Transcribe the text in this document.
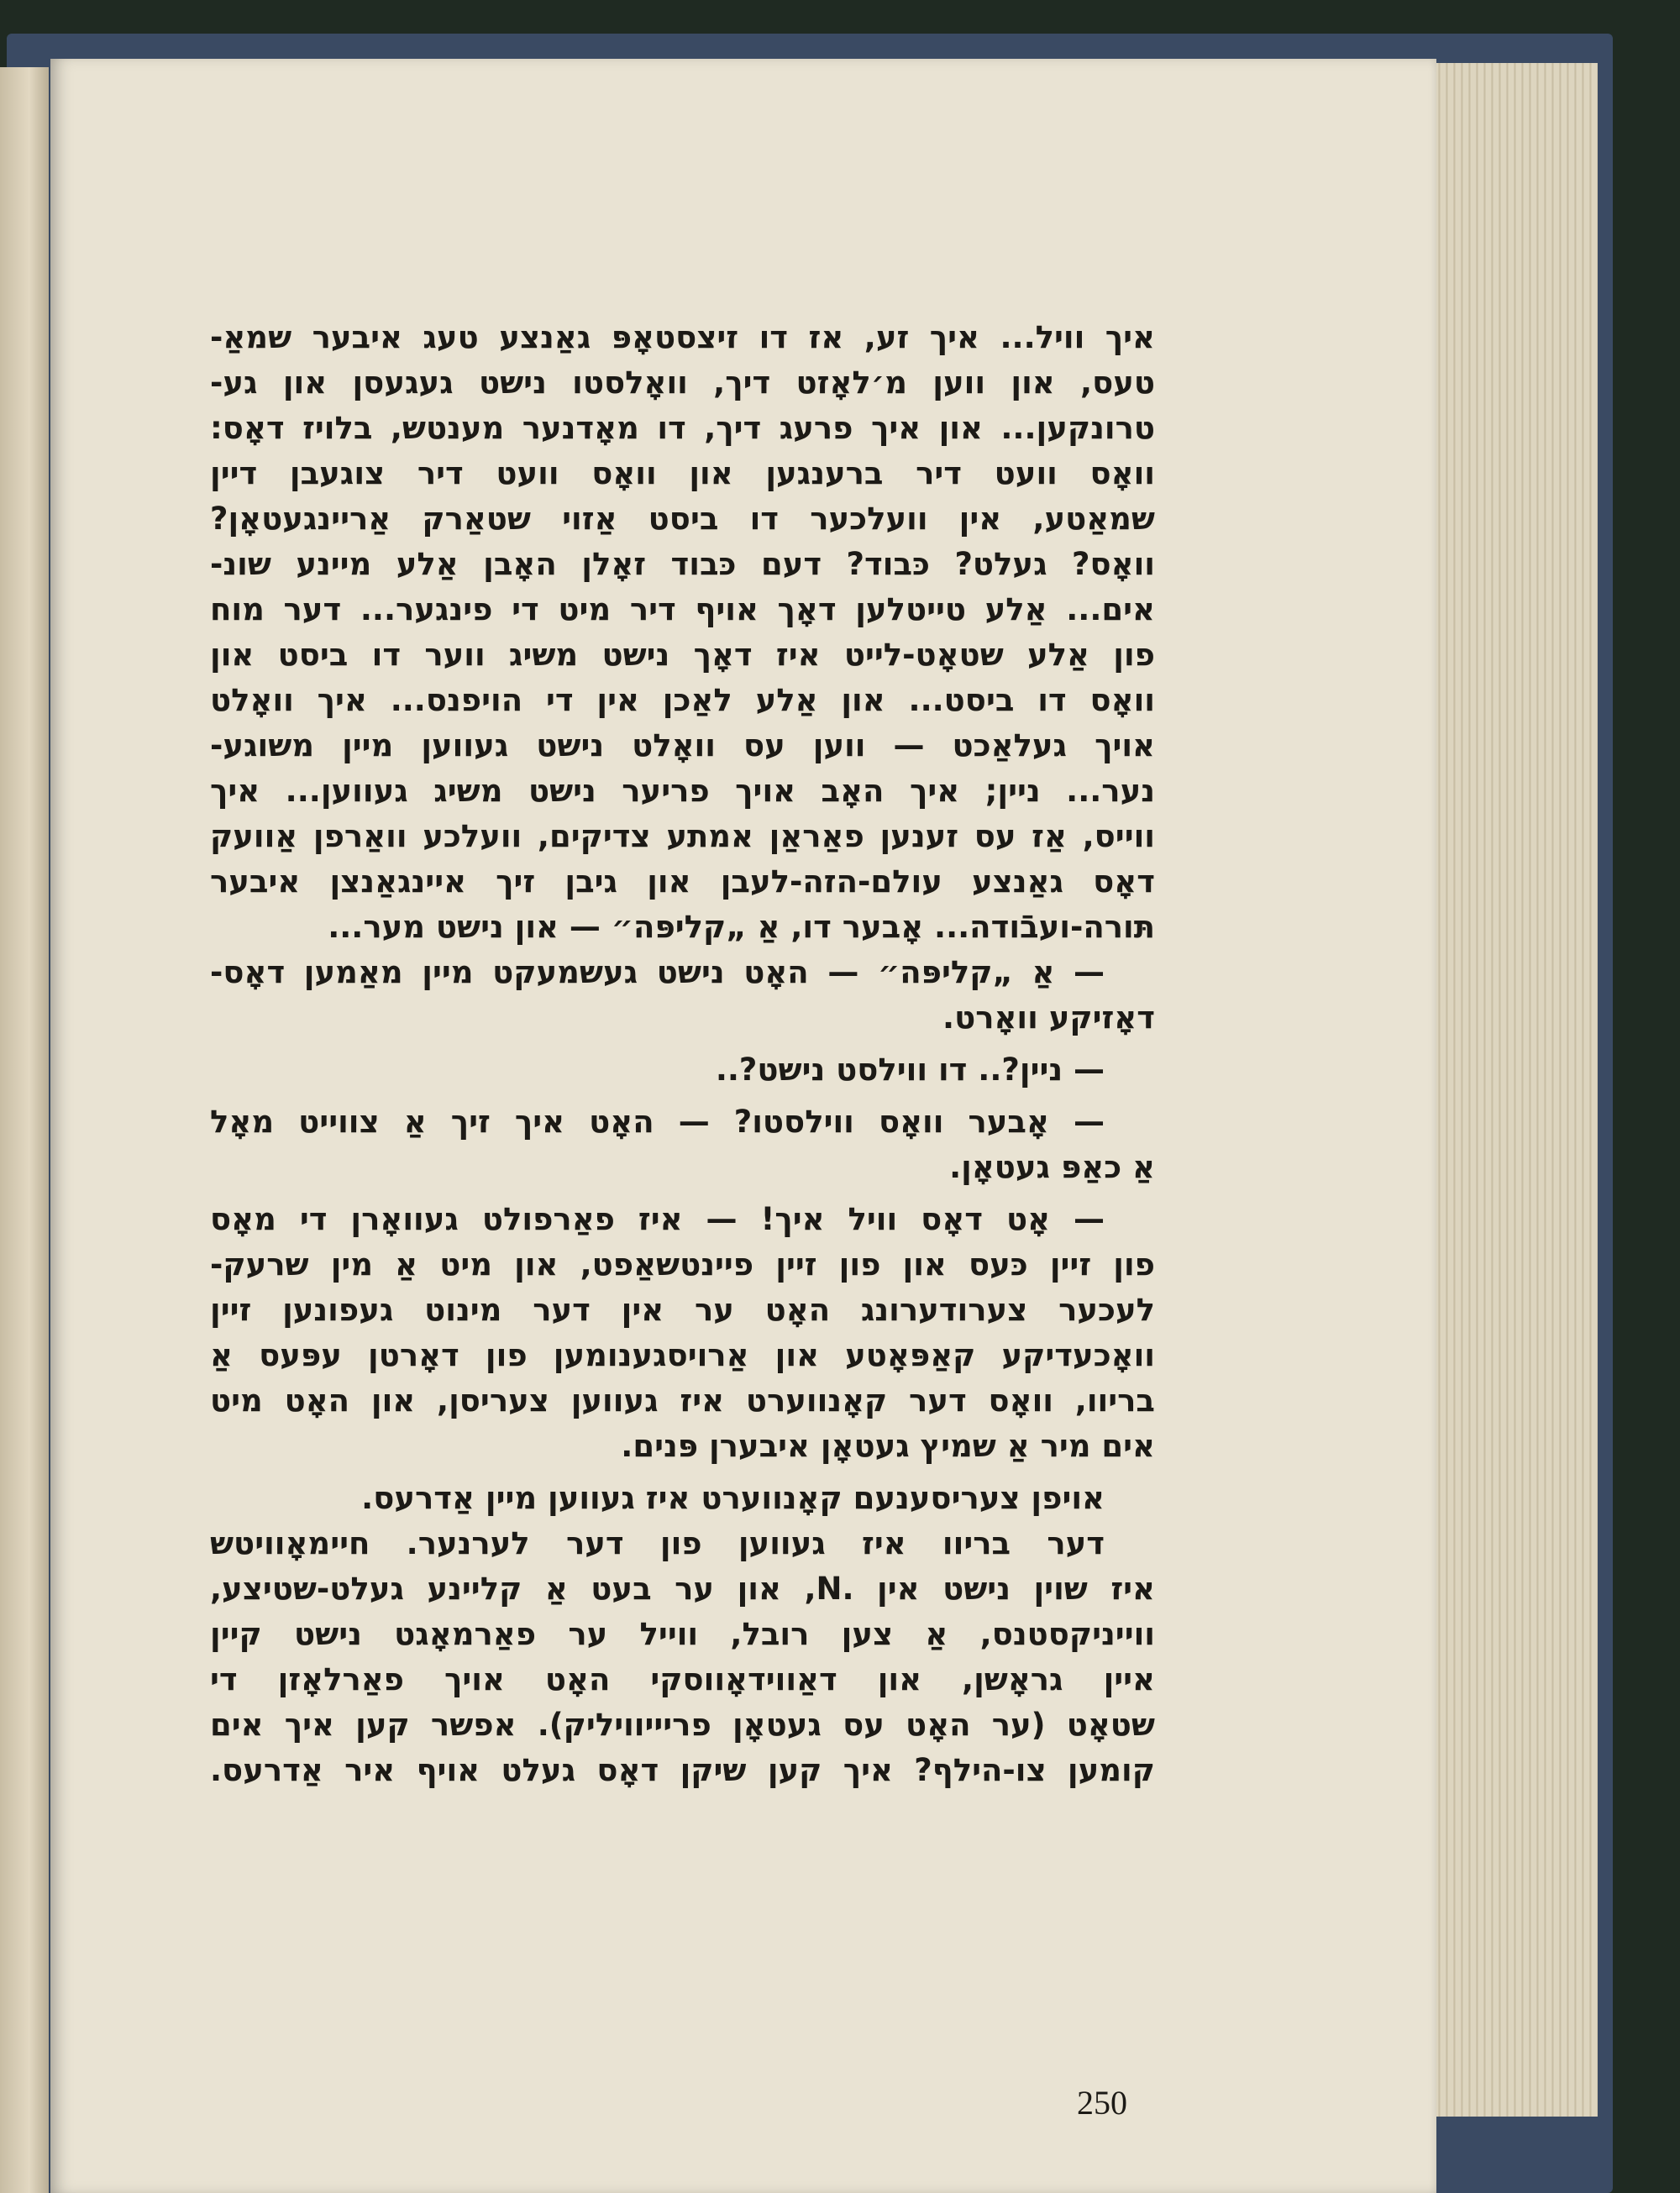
איך וויל... איך זע, אז דו זיצסטאָפּ גאַנצע טעג איבער שמאַ-
טעס, און ווען מ׳לאָזט דיך, וואָלסטו נישט געגעסן און גע-
טרונקען... און איך פרעג דיך, דו מאָדנער מענטש, בלויז דאָס:
וואָס וועט דיר ברענגען און וואָס וועט דיר צוגעבן דיין
שמאַטע, אין וועלכער דו ביסט אַזוי שטאַרק אַריינגעטאָן?
וואָס? געלט? כּבוד? דעם כּבוד זאָלן האָבן אַלע מיינע שונ-
אים... אַלע טייטלען דאָך אויף דיר מיט די פינגער... דער מוח
פון אַלע שטאָט-לייט איז דאָך נישט משיג ווער דו ביסט און
וואָס דו ביסט... און אַלע לאַכן אין די הויפנס... איך וואָלט
אויך געלאַכט — ווען עס וואָלט נישט געווען מיין משוגע-
נער... ניין; איך האָב אויך פריער נישט משיג געווען... איך
ווייס, אַז עס זענען פאַראַן אמתע צדיקים, וועלכע וואַרפן אַוועק
דאָס גאַנצע עולם-הזה-לעבן און גיבן זיך איינגאַנצן איבער
תּורה-ועבֿודה... אָבער דו, אַ „קליפּה״ — און נישט מער...
— אַ „קליפּה״ — האָט נישט געשמעקט מיין מאַמען דאָס-
דאָזיקע וואָרט.
— ניין?.. דו ווילסט נישט?..
— אָבער וואָס ווילסטו? — האָט איך זיך אַ צווייט מאָל
אַ כאַפּ געטאָן.
— אָט דאָס וויל איך! — איז פאַרפולט געוואָרן די מאָס
פון זיין כּעס און פון זיין פיינטשאַפט, און מיט אַ מין שרעק-
לעכער צערודערונג האָט ער אין דער מינוט געפונען זיין
וואָכעדיקע קאַפּאָטע און אַרויסגענומען פון דאָרטן עפּעס אַ
בריוו, וואָס דער קאָנווערט איז געווען צעריסן, און האָט מיט
אים מיר אַ שמיץ געטאָן איבערן פּנים.
אויפן צעריסענעם קאָנווערט איז געווען מיין אַדרעס.
דער בריוו איז געווען פון דער לערנער. חיימאָוויטש
איז שוין נישט אין .N, און ער בעט אַ קליינע געלט-שטיצע,
ווייניקסטנס, אַ צען רובל, ווייל ער פאַרמאָגט נישט קיין
איין גראָשן, און דאַווידאָווסקי האָט אויך פאַרלאָזן די
שטאָט (ער האָט עס געטאָן פריייוויליק). אפשר קען איך אים
קומען צו-הילף? איך קען שיקן דאָס געלט אויף איר אַדרעס.
250
